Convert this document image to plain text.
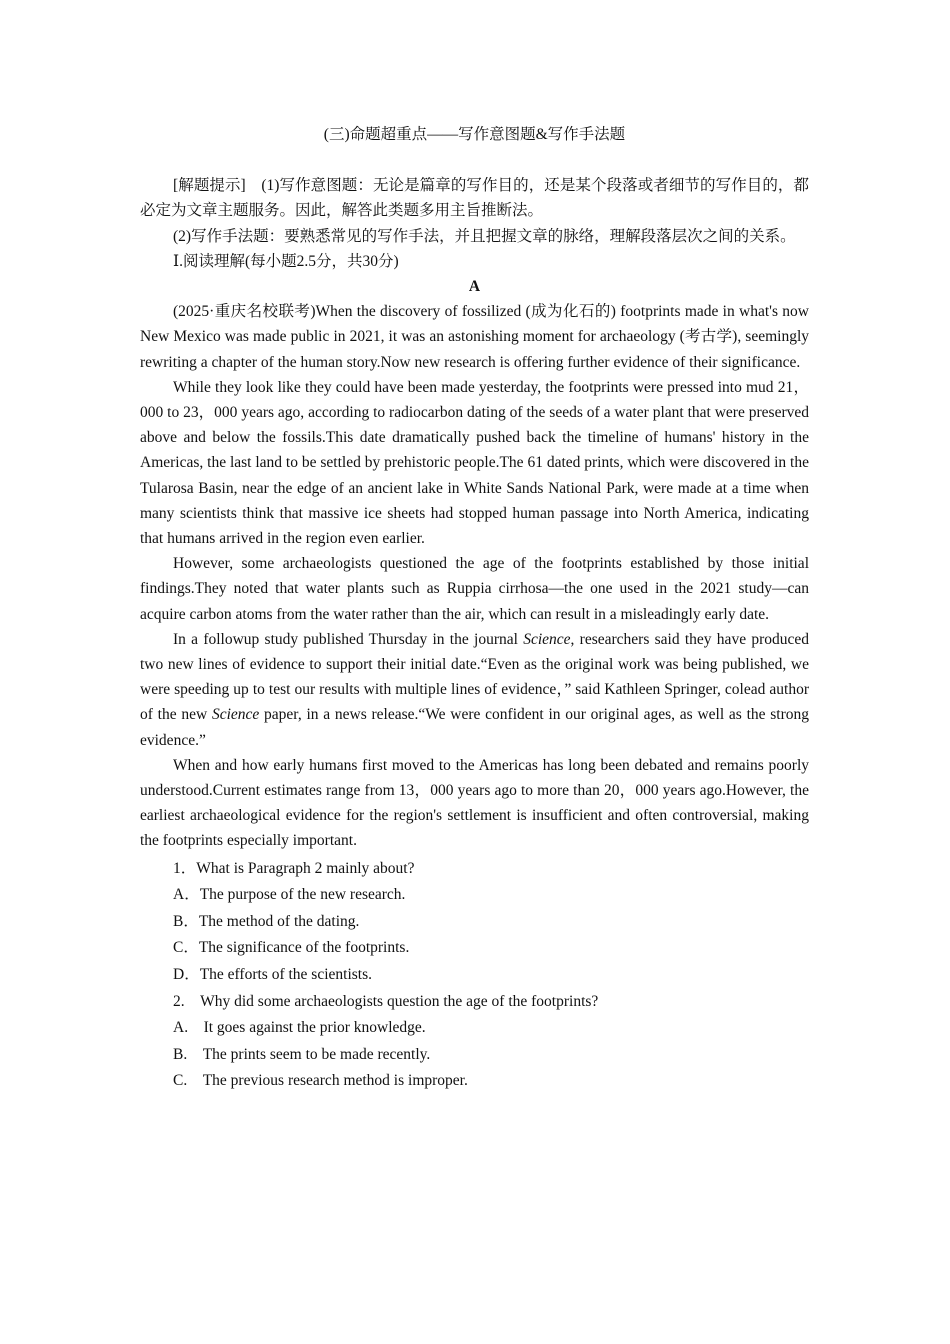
(三)命题超重点——写作意图题&写作手法题

[解题提示]　(1)写作意图题：无论是篇章的写作目的，还是某个段落或者细节的写作目的，都必定为文章主题服务。因此，解答此类题多用主旨推断法。

(2)写作手法题：要熟悉常见的写作手法，并且把握文章的脉络，理解段落层次之间的关系。

Ⅰ.阅读理解(每小题2.5分，共30分)

A

(2025·重庆名校联考)When the discovery of fossilized (成为化石的) footprints made in what's now New Mexico was made public in 2021, it was an astonishing moment for archaeology (考古学), seemingly rewriting a chapter of the human story.Now new research is offering further evidence of their significance.

While they look like they could have been made yesterday, the footprints were pressed into mud 21，000 to 23，000 years ago, according to radiocarbon dating of the seeds of a water plant that were preserved above and below the fossils.This date dramatically pushed back the timeline of humans' history in the Americas, the last land to be settled by prehistoric people.The 61 dated prints, which were discovered in the Tularosa Basin, near the edge of an ancient lake in White Sands National Park, were made at a time when many scientists think that massive ice sheets had stopped human passage into North America, indicating that humans arrived in the region even earlier.

However, some archaeologists questioned the age of the footprints established by those initial findings.They noted that water plants such as Ruppia cirrhosa—the one used in the 2021 study—can acquire carbon atoms from the water rather than the air, which can result in a misleadingly early date.

In a followup study published Thursday in the journal Science, researchers said they have produced two new lines of evidence to support their initial date.“Even as the original work was being published, we were speeding up to test our results with multiple lines of evidence，” said Kathleen Springer, colead author of the new Science paper, in a news release.“We were confident in our original ages, as well as the strong evidence.”

When and how early humans first moved to the Americas has long been debated and remains poorly understood.Current estimates range from 13，000 years ago to more than 20，000 years ago.However, the earliest archaeological evidence for the region's settlement is insufficient and often controversial, making the footprints especially important.

1．What is Paragraph 2 mainly about?

A．The purpose of the new research.

B．The method of the dating.

C．The significance of the footprints.

D．The efforts of the scientists.

2.　Why did some archaeologists question the age of the footprints?

A.　It goes against the prior knowledge.

B.　The prints seem to be made recently.

C.　The previous research method is improper.
